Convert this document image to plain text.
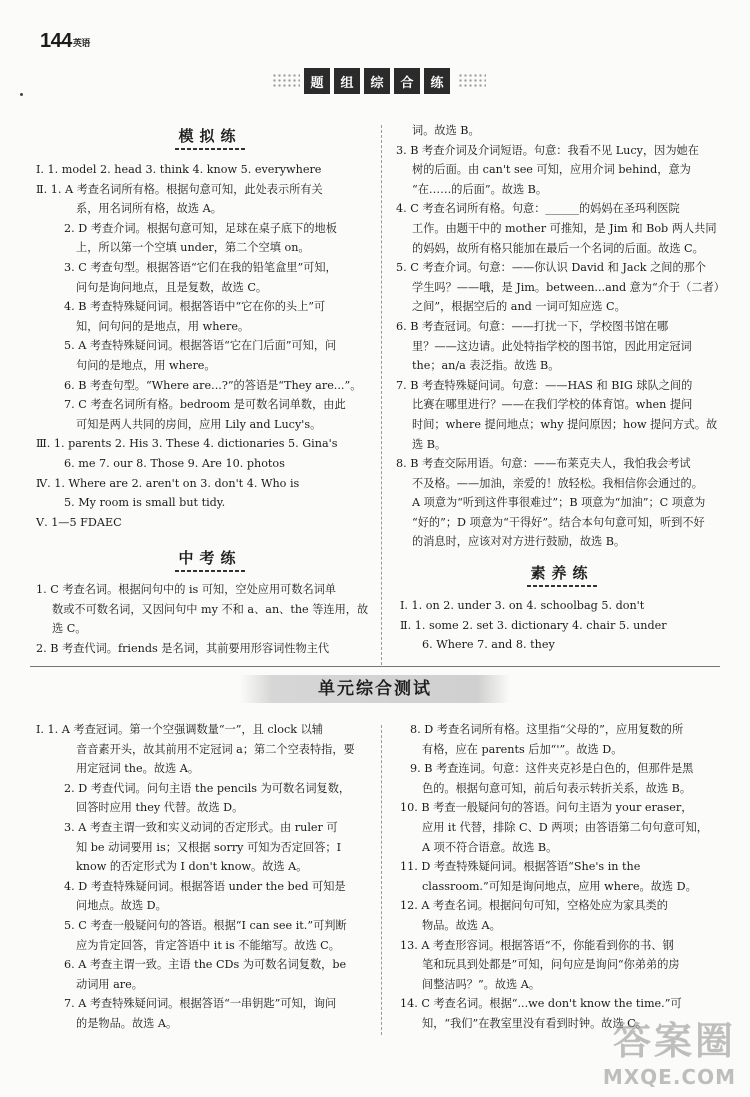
144英语
题	组	综	合	练
模拟练

Ⅰ. 1. model 2. head 3. think 4. know 5. everywhere

Ⅱ. 1. A 考查名词所有格。根据句意可知，此处表示所有关

系，用名词所有格，故选 A。

2. D 考查介词。根据句意可知，足球在桌子底下的地板

上，所以第一个空填 under，第二个空填 on。

3. C 考查句型。根据答语“它们在我的铅笔盒里”可知，

问句是询问地点，且是复数，故选 C。

4. B 考查特殊疑问词。根据答语中“它在你的头上”可

知，问句问的是地点，用 where。

5. A 考查特殊疑问词。根据答语“它在门后面”可知，问

句问的是地点，用 where。

6. B 考查句型。“Where are...?”的答语是“They are...”。

7. C 考查名词所有格。bedroom 是可数名词单数，由此

可知是两人共同的房间，应用 Lily and Lucy's。

Ⅲ. 1. parents 2. His 3. These 4. dictionaries 5. Gina's

6. me 7. our 8. Those 9. Are 10. photos

Ⅳ. 1. Where are 2. aren't on 3. don't 4. Who is

5. My room is small but tidy.

Ⅴ. 1—5 FDAEC

中考练

1. C 考查名词。根据问句中的 is 可知，空处应用可数名词单

数或不可数名词，又因问句中 my 不和 a、an、the 等连用，故

选 C。

2. B 考查代词。friends 是名词，其前要用形容词性物主代

词。故选 B。

3. B 考查介词及介词短语。句意：我看不见 Lucy，因为她在

树的后面。由 can't see 可知，应用介词 behind，意为

“在……的后面”。故选 B。

4. C 考查名词所有格。句意：______的妈妈在圣玛利医院

工作。由题干中的 mother 可推知，是 Jim 和 Bob 两人共同

的妈妈，故所有格只能加在最后一个名词的后面。故选 C。

5. C 考查介词。句意：——你认识 David 和 Jack 之间的那个

学生吗？——哦，是 Jim。between...and 意为“介于（二者）

之间”，根据空后的 and 一词可知应选 C。

6. B 考查冠词。句意：——打扰一下，学校图书馆在哪

里？——这边请。此处特指学校的图书馆，因此用定冠词

the；an/a 表泛指。故选 B。

7. B 考查特殊疑问词。句意：——HAS 和 BIG 球队之间的

比赛在哪里进行？——在我们学校的体育馆。when 提问

时间；where 提问地点；why 提问原因；how 提问方式。故

选 B。

8. B 考查交际用语。句意：——布莱克夫人，我怕我会考试

不及格。——加油，亲爱的！放轻松。我相信你会通过的。

A 项意为“听到这件事很难过”；B 项意为“加油”；C 项意为

“好的”；D 项意为“干得好”。结合本句句意可知，听到不好

的消息时，应该对对方进行鼓励，故选 B。

素养练

Ⅰ. 1. on 2. under 3. on 4. schoolbag 5. don't

Ⅱ. 1. some 2. set 3. dictionary 4. chair 5. under

6. Where 7. and 8. they

单元综合测试

Ⅰ. 1. A 考查冠词。第一个空强调数量“一”，且 clock 以辅

音音素开头，故其前用不定冠词 a；第二个空表特指，要

用定冠词 the。故选 A。

2. D 考查代词。问句主语 the pencils 为可数名词复数，

回答时应用 they 代替。故选 D。

3. A 考查主谓一致和实义动词的否定形式。由 ruler 可

知 be 动词要用 is；又根据 sorry 可知为否定回答；I

know 的否定形式为 I don't know。故选 A。

4. D 考查特殊疑问词。根据答语 under the bed 可知是

问地点。故选 D。

5. C 考查一般疑问句的答语。根据“I can see it.”可判断

应为肯定回答，肯定答语中 it is 不能缩写。故选 C。

6. A 考查主谓一致。主语 the CDs 为可数名词复数，be

动词用 are。

7. A 考查特殊疑问词。根据答语“一串钥匙”可知，询问

的是物品。故选 A。

8. D 考查名词所有格。这里指“父母的”，应用复数的所

有格，应在 parents 后加“'”。故选 D。

9. B 考查连词。句意：这件夹克衫是白色的，但那件是黑

色的。根据句意可知，前后句表示转折关系，故选 B。

10. B 考查一般疑问句的答语。问句主语为 your eraser，

应用 it 代替，排除 C、D 两项；由答语第二句句意可知，

A 项不符合语意。故选 B。

11. D 考查特殊疑问词。根据答语“She's in the

classroom.”可知是询问地点，应用 where。故选 D。

12. A 考查名词。根据问句可知，空格处应为家具类的

物品。故选 A。

13. A 考查形容词。根据答语“不，你能看到你的书、钢

笔和玩具到处都是”可知，问句应是询问“你弟弟的房

间整洁吗？”。故选 A。

14. C 考查名词。根据“...we don't know the time.”可

知，“我们”在教室里没有看到时钟。故选 C。

答案圈
MXQE.COM
